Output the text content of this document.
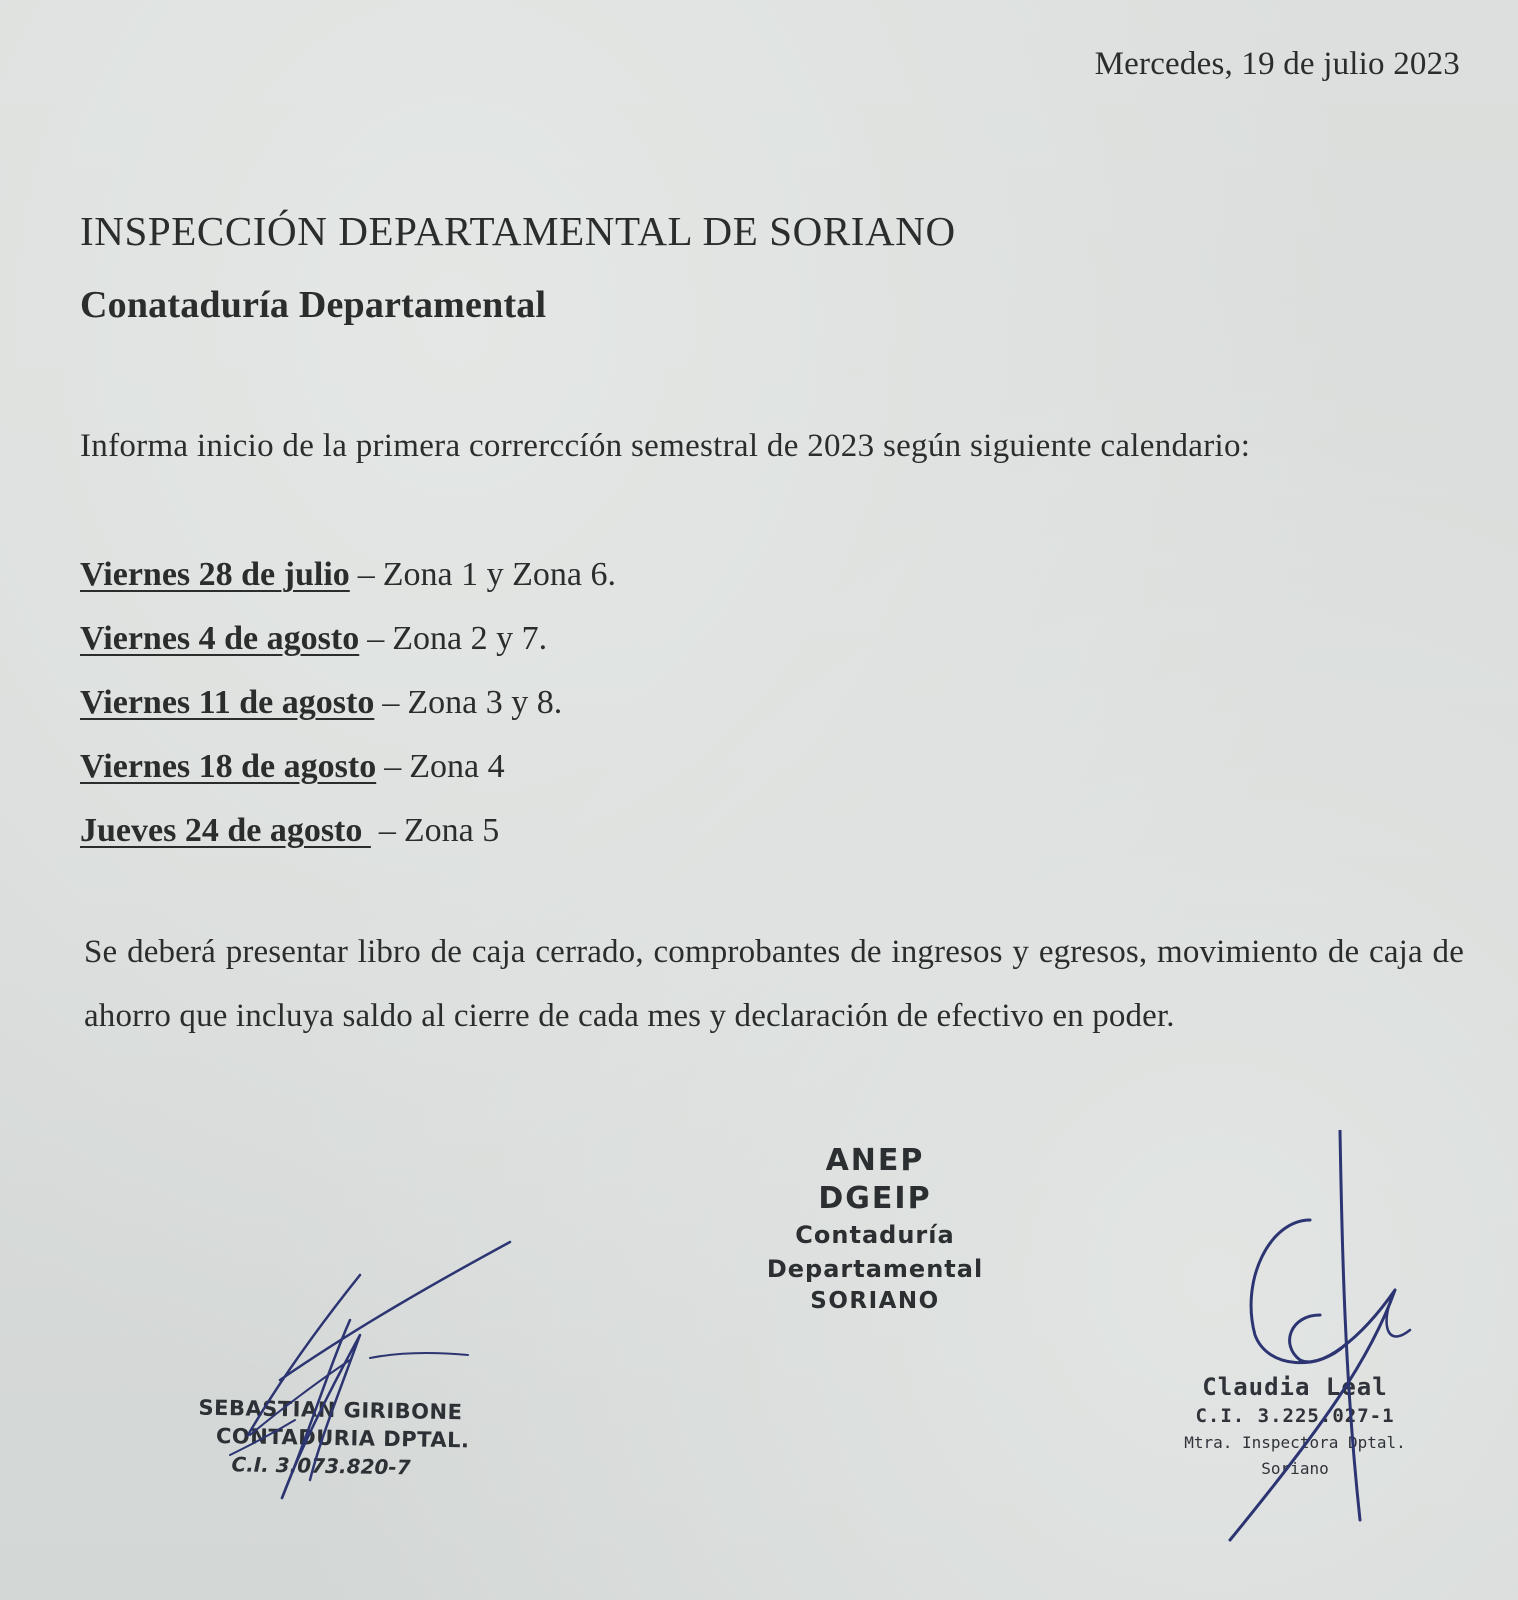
Mercedes, 19 de julio 2023
INSPECCIÓN DEPARTAMENTAL DE SORIANO
Conataduría Departamental
Informa inicio de la primera correrccíón semestral de 2023 según siguiente calendario:
Viernes 28 de julio – Zona 1 y Zona 6.
Viernes 4 de agosto – Zona 2 y 7.
Viernes 11 de agosto – Zona 3 y 8.
Viernes 18 de agosto – Zona 4
Jueves 24 de agosto – Zona 5
Se deberá presentar libro de caja cerrado, comprobantes de ingresos y egresos, movimiento de caja de ahorro que incluya saldo al cierre de cada mes y declaración de efectivo en poder.
ANEP
DGEIP
Contaduría Departamental
SORIANO
SEBASTIAN GIRIBONE
CONTADURIA DPTAL.
C.I. 3.073.820-7
Claudia Leal
C.I. 3.225.027-1
Mtra. Inspectora Dptal. Soriano
